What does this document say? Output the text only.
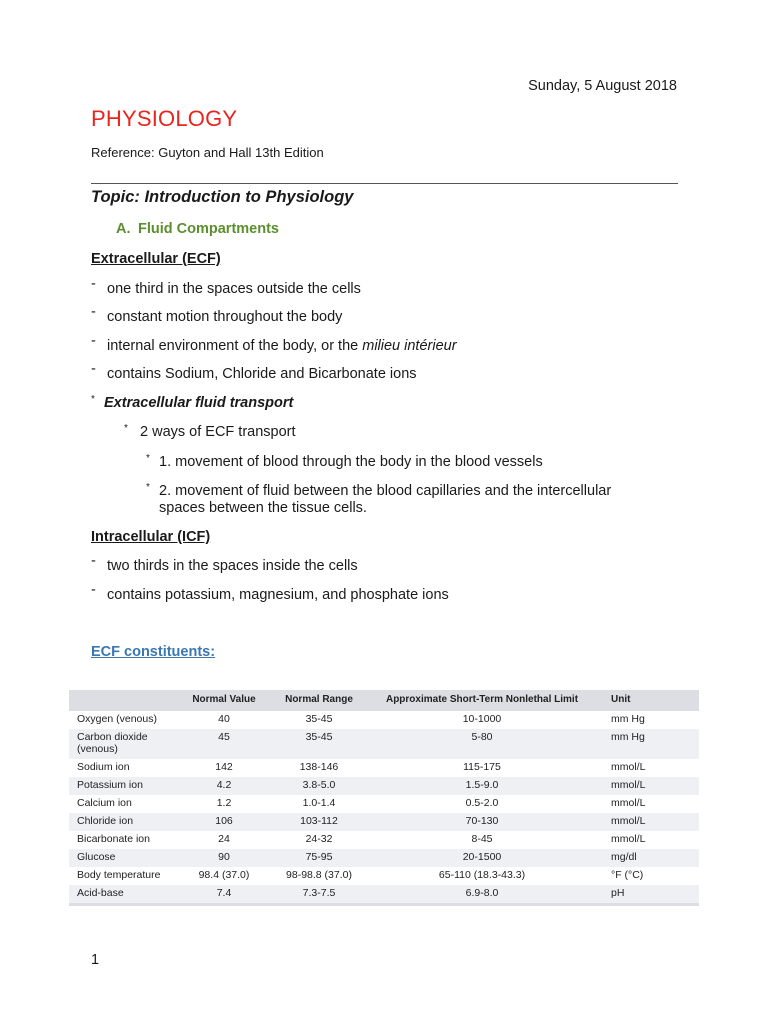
Sunday, 5 August 2018
PHYSIOLOGY
Reference: Guyton and Hall 13th Edition
Topic: Introduction to Physiology
A. Fluid Compartments
Extracellular (ECF)
- one third in the spaces outside the cells
- constant motion throughout the body
- internal environment of the body, or the milieu intérieur
- contains Sodium, Chloride and Bicarbonate ions
* Extracellular fluid transport
* 2 ways of ECF transport
* 1. movement of blood through the body in the blood vessels
* 2. movement of fluid between the blood capillaries and the intercellular spaces between the tissue cells.
Intracellular (ICF)
- two thirds in the spaces inside the cells
- contains potassium, magnesium, and phosphate ions
ECF constituents:
	Normal Value	Normal Range	Approximate Short-Term Nonlethal Limit	Unit
Oxygen (venous)	40	35-45	10-1000	mm Hg
Carbon dioxide (venous)	45	35-45	5-80	mm Hg
Sodium ion	142	138-146	115-175	mmol/L
Potassium ion	4.2	3.8-5.0	1.5-9.0	mmol/L
Calcium ion	1.2	1.0-1.4	0.5-2.0	mmol/L
Chloride ion	106	103-112	70-130	mmol/L
Bicarbonate ion	24	24-32	8-45	mmol/L
Glucose	90	75-95	20-1500	mg/dl
Body temperature	98.4 (37.0)	98-98.8 (37.0)	65-110 (18.3-43.3)	°F (°C)
Acid-base	7.4	7.3-7.5	6.9-8.0	pH
1
